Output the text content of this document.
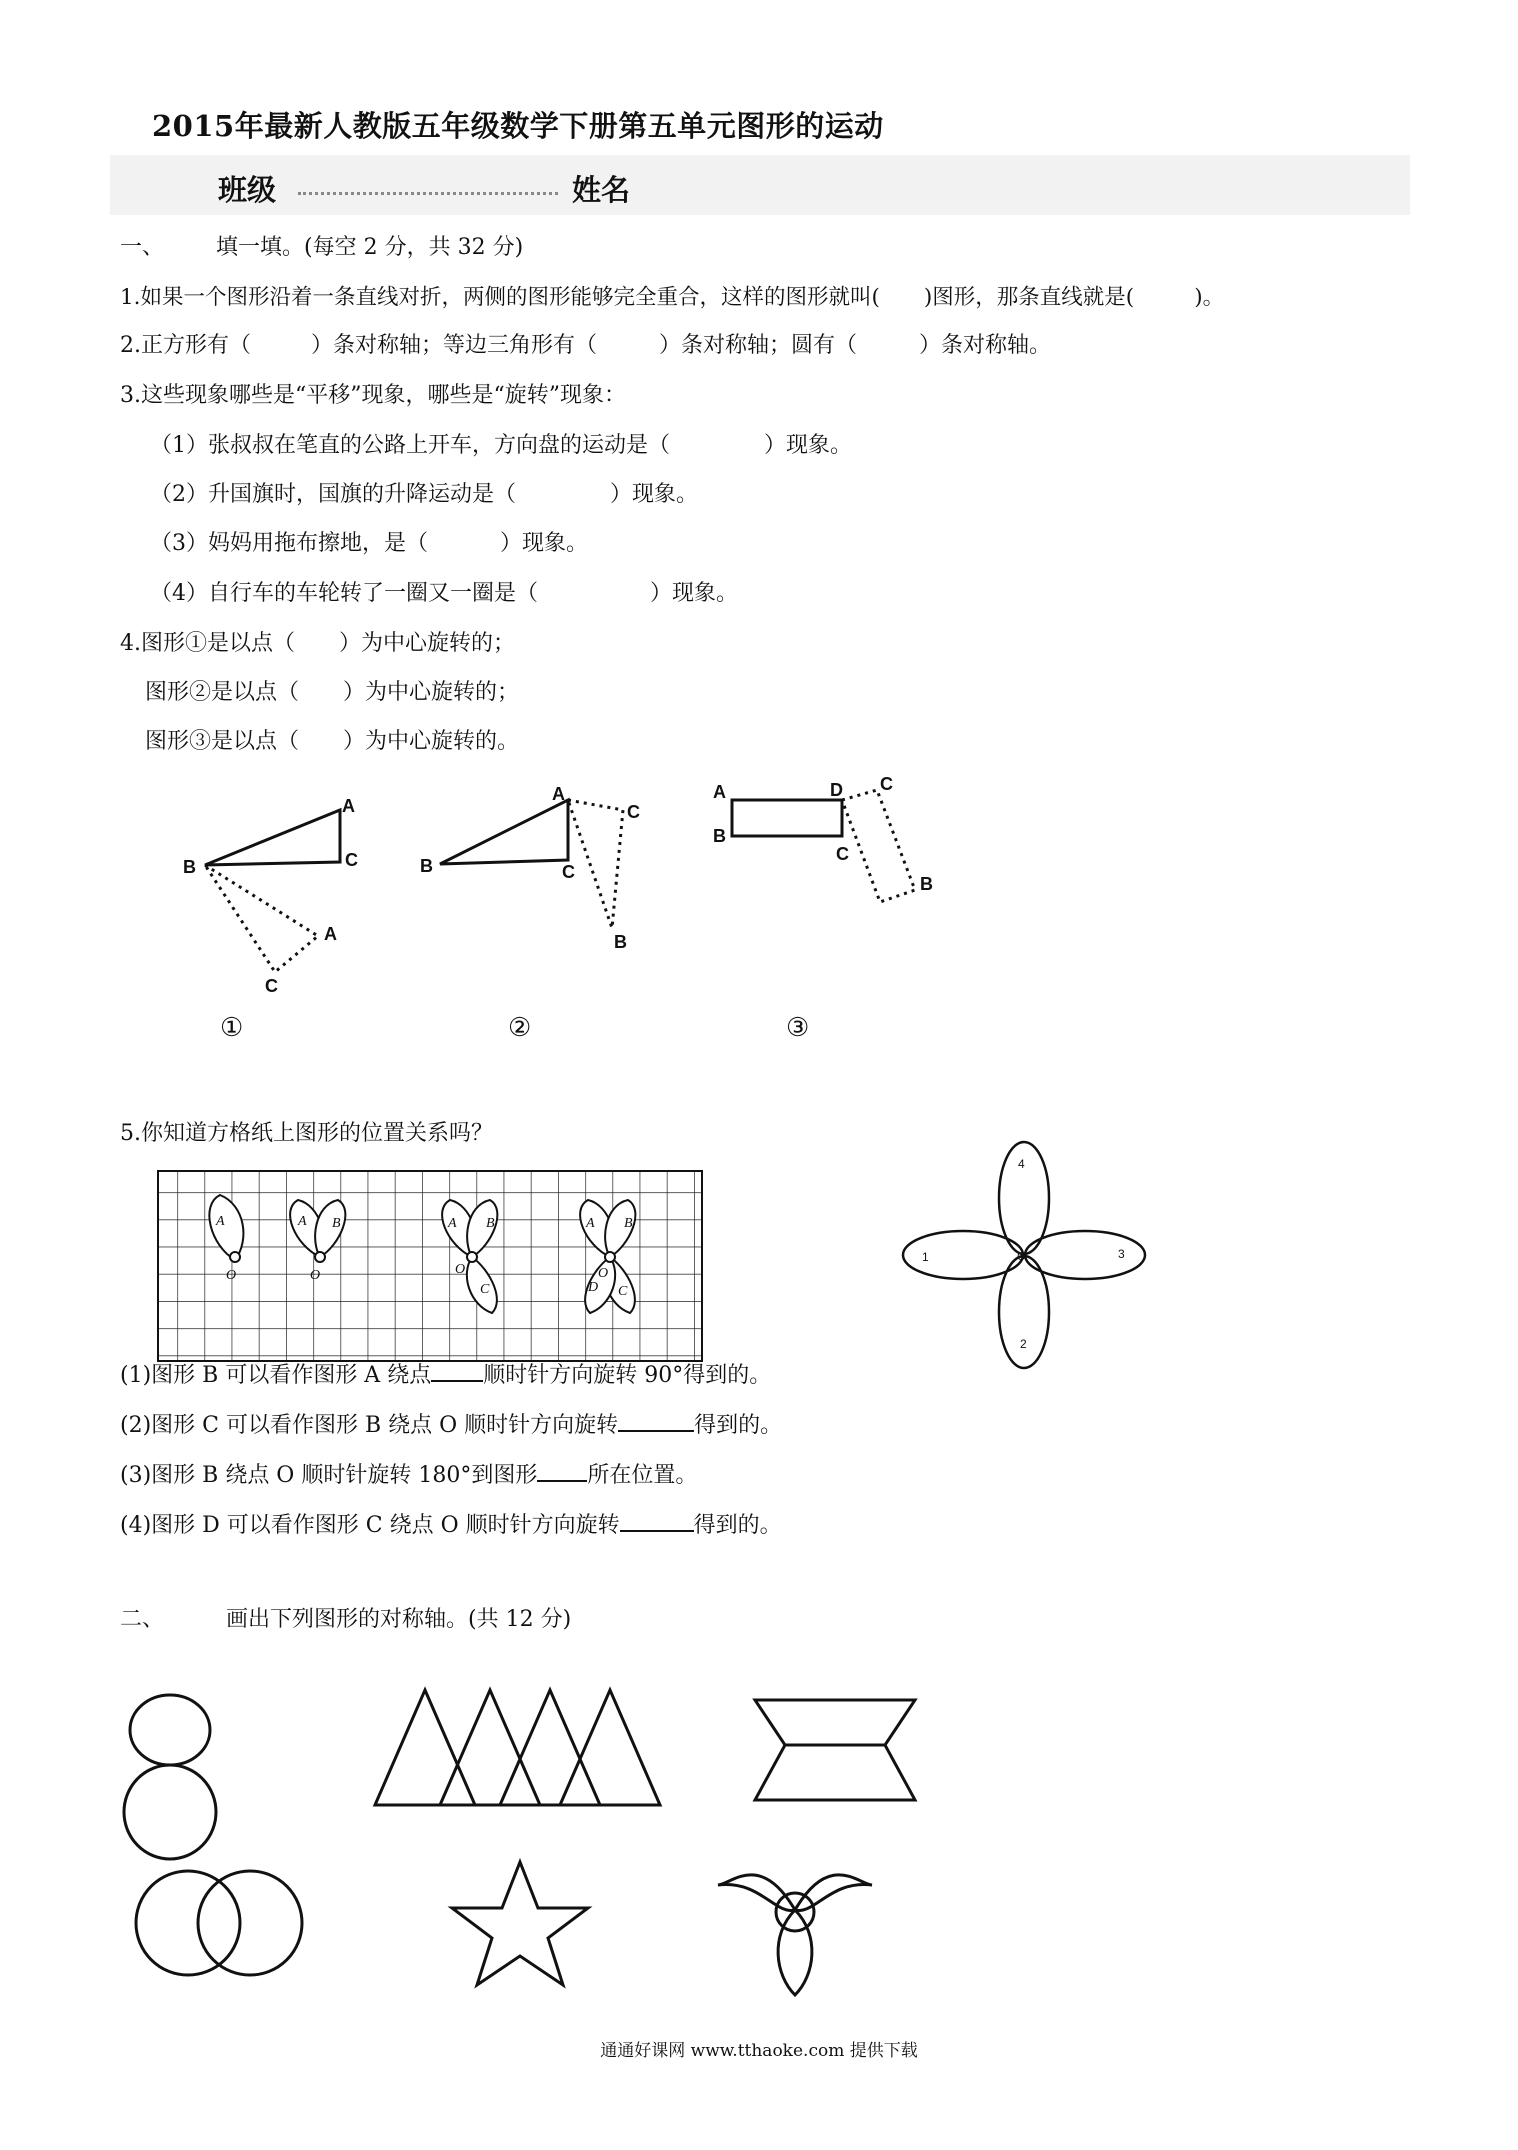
2015年最新人教版五年级数学下册第五单元图形的运动
班级	姓名
一、 填一填。(每空 2 分，共 32 分)
1.如果一个图形沿着一条直线对折，两侧的图形能够完全重合，这样的图形就叫( )图形，那条直线就是(	)。
2.正方形有（	）条对称轴；等边三角形有（	）条对称轴；圆有（	）条对称轴。
3.这些现象哪些是“平移”现象，哪些是“旋转”现象：
（1）张叔叔在笔直的公路上开车，方向盘的运动是（	）现象。
（2）升国旗时，国旗的升降运动是（	）现象。
（3）妈妈用拖布擦地，是（	）现象。
（4）自行车的车轮转了一圈又一圈是（	）现象。
4.图形①是以点（ ）为中心旋转的；
图形②是以点（ ）为中心旋转的；
图形③是以点（ ）为中心旋转的。
B
A
C
A
C
①
B
A
C
C
B
②
A
B
D
C
C
B
③
5.你知道方格纸上图形的位置关系吗？
A
O
A B
O
A B
C
O
A B
C
D
O
4
2
1	3
O
(1)图形 B 可以看作图形 A 绕点 顺时针方向旋转 90°得到的。
(2)图形 C 可以看作图形 B 绕点 O 顺时针方向旋转	得到的。
(3)图形 B 绕点 O 顺时针旋转 180°到图形 所在位置。
(4)图形 D 可以看作图形 C 绕点 O 顺时针方向旋转	得到的。
二、	画出下列图形的对称轴。(共 12 分)
通通好课网 www.tthaoke.com 提供下载
